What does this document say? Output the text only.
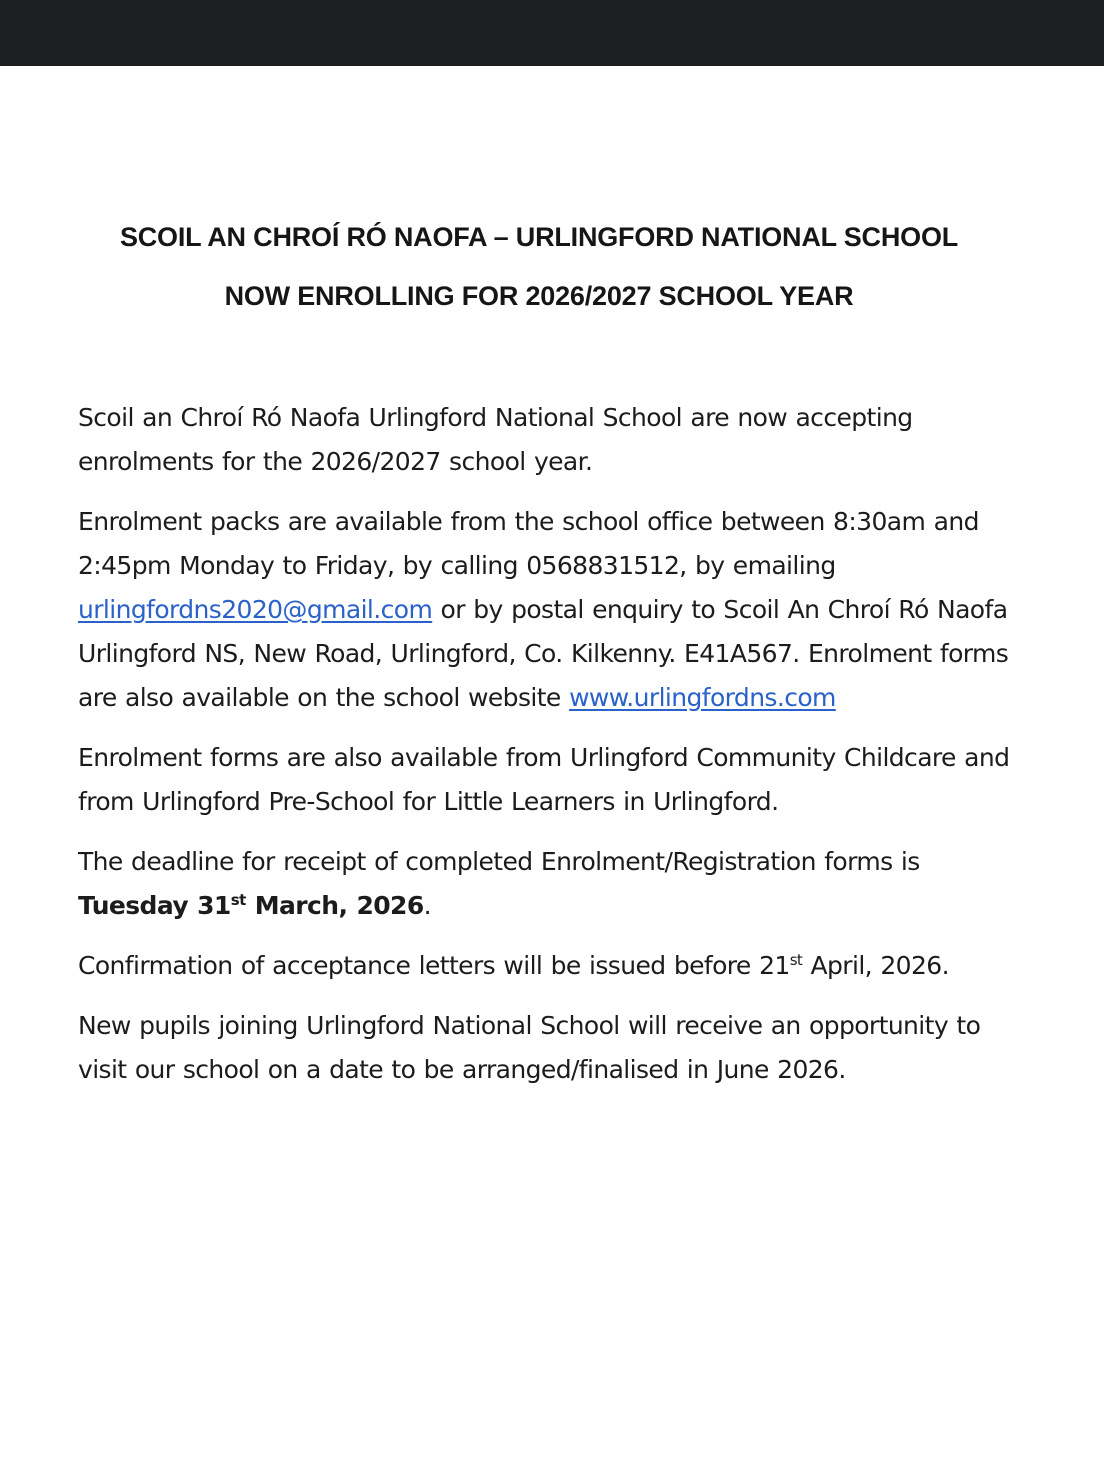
SCOIL AN CHROÍ RÓ NAOFA – URLINGFORD NATIONAL SCHOOL
NOW ENROLLING FOR 2026/2027 SCHOOL YEAR

Scoil an Chroí Ró Naofa Urlingford National School are now accepting enrolments for the 2026/2027 school year.

Enrolment packs are available from the school office between 8:30am and 2:45pm Monday to Friday, by calling 0568831512, by emailing urlingfordns2020@gmail.com or by postal enquiry to Scoil An Chroí Ró Naofa Urlingford NS, New Road, Urlingford, Co. Kilkenny. E41A567. Enrolment forms are also available on the school website www.urlingfordns.com

Enrolment forms are also available from Urlingford Community Childcare and from Urlingford Pre-School for Little Learners in Urlingford.

The deadline for receipt of completed Enrolment/Registration forms is Tuesday 31st March, 2026.

Confirmation of acceptance letters will be issued before 21st April, 2026.

New pupils joining Urlingford National School will receive an opportunity to visit our school on a date to be arranged/finalised in June 2026.
